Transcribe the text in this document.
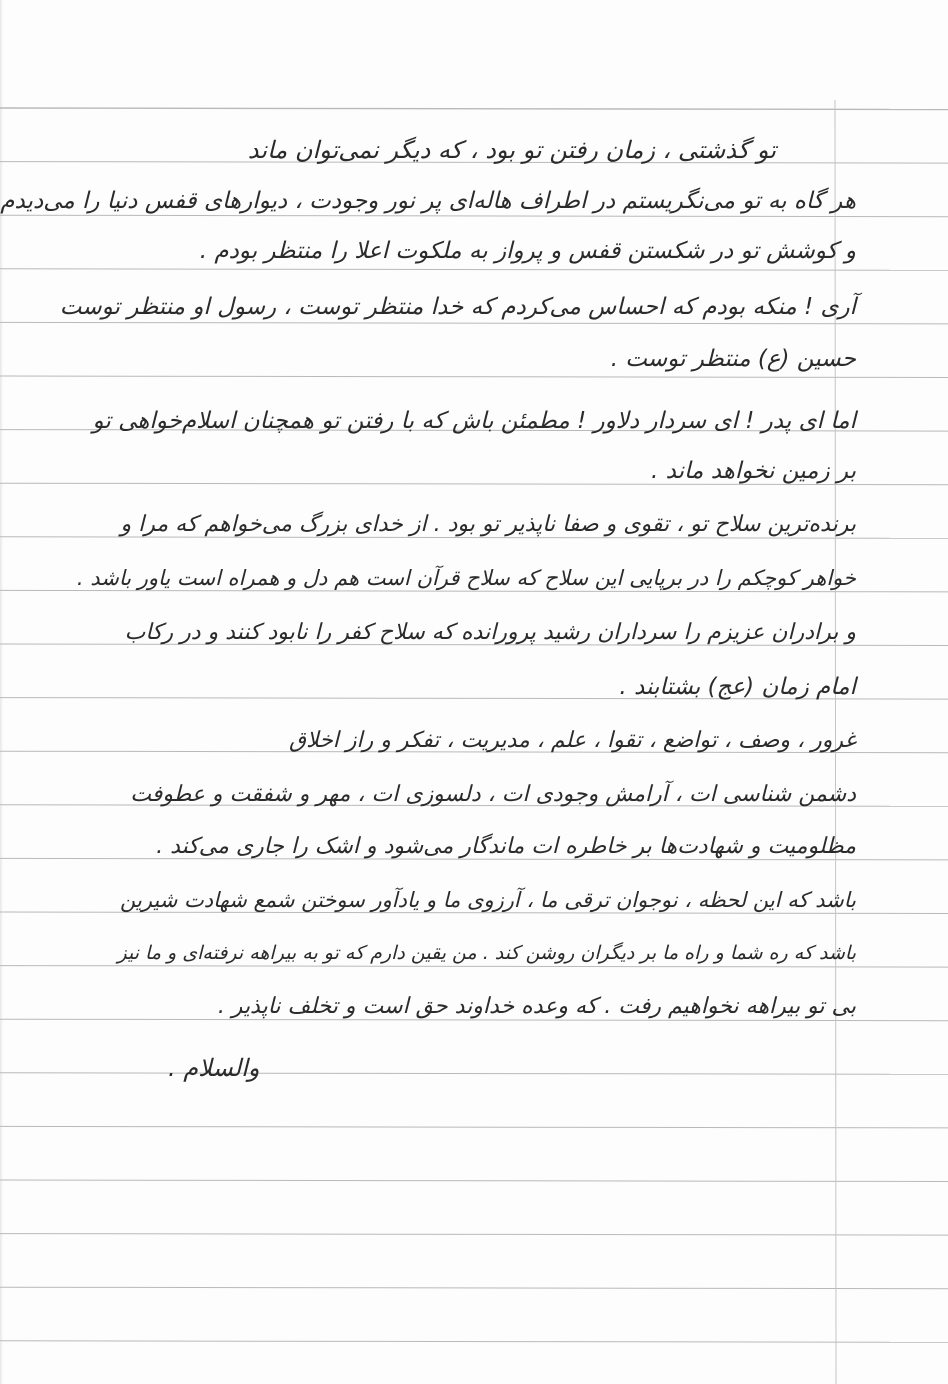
تو گذشتی ، زمان رفتن تو بود ، که دیگر نمی‌توان ماند
هر گاه به تو می‌نگریستم در اطراف هاله‌ای پر نور وجودت ، دیوارهای قفس دنیا را می‌دیدم
و کوشش تو در شکستن قفس و پرواز به ملکوت اعلا را منتظر بودم .
آری ! منکه بودم که احساس می‌کردم که خدا منتظر توست ، رسول او منتظر توست
حسین (ع) منتظر توست .
اما ای پدر ! ای سردار دلاور ! مطمئن باش که با رفتن تو همچنان اسلام‌خواهی تو
بر زمین نخواهد ماند .
برنده‌ترین سلاح تو ، تقوی و صفا ناپذیر تو بود . از خدای بزرگ می‌خواهم که مرا و
خواهر کوچکم را در برپایی این سلاح که سلاح قرآن است هم دل و همراه است یاور باشد .
و برادران عزیزم را سرداران رشید پرورانده که سلاح کفر را نابود کنند و در رکاب
امام زمان (عج) بشتابند .
غرور ، وصف ، تواضع ، تقوا ، علم ، مدیریت ، تفکر و راز اخلاق
دشمن شناسی ات ، آرامش وجودی ات ، دلسوزی ات ، مهر و شفقت و عطوفت
مظلومیت و شهادت‌ها بر خاطره ات ماندگار می‌شود و اشک را جاری می‌کند .
باشد که این لحظه ، نوجوان ترقی ما ، آرزوی ما و یادآور سوختن شمع شهادت شیرین
باشد که ره شما و راه ما بر دیگران روشن کند . من یقین دارم که تو به بیراهه نرفته‌ای و ما نیز
بی تو بیراهه نخواهیم رفت . که وعده خداوند حق است و تخلف ناپذیر .
والسلام .
